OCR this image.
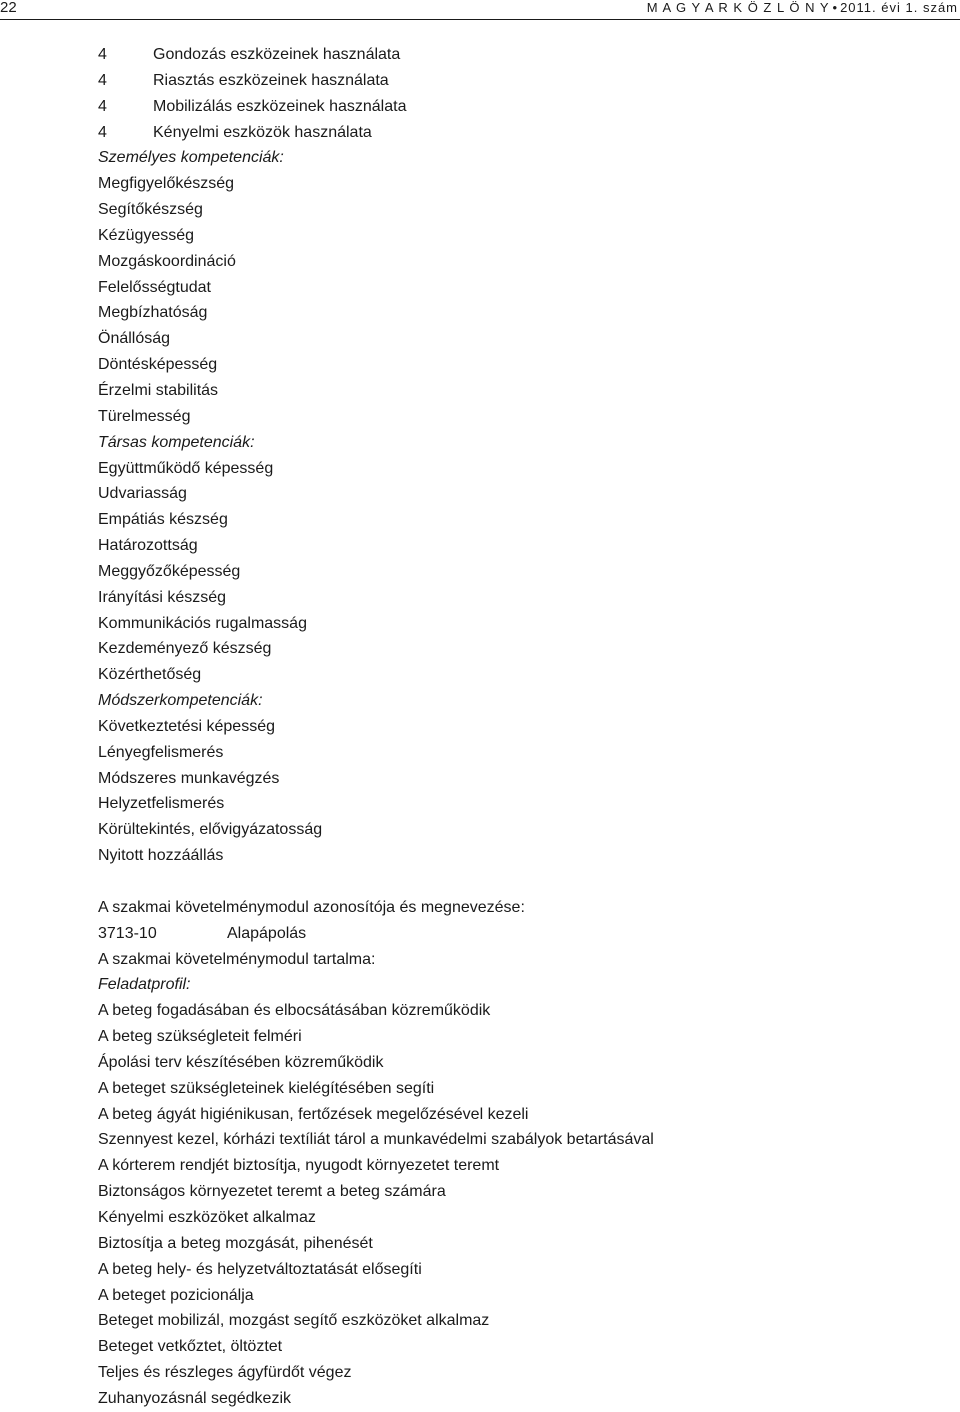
22	M A G Y A R K Ö Z L Ö N Y • 2011. évi 1. szám
4	Gondozás eszközeinek használata
4	Riasztás eszközeinek használata
4	Mobilizálás eszközeinek használata
4	Kényelmi eszközök használata
Személyes kompetenciák:
Megfigyelőkészség
Segítőkészség
Kézügyesség
Mozgáskoordináció
Felelősségtudat
Megbízhatóság
Önállóság
Döntésképesség
Érzelmi stabilitás
Türelmesség
Társas kompetenciák:
Együttműködő képesség
Udvariasság
Empátiás készség
Határozottság
Meggyőzőképesség
Irányítási készség
Kommunikációs rugalmasság
Kezdeményező készség
Közérthetőség
Módszerkompetenciák:
Következtetési képesség
Lényegfelismerés
Módszeres munkavégzés
Helyzetfelismerés
Körültekintés, elővigyázatosság
Nyitott hozzáállás
A szakmai követelménymodul azonosítója és megnevezése:
3713-10	Alapápolás
A szakmai követelménymodul tartalma:
Feladatprofil:
A beteg fogadásában és elbocsátásában közreműködik
A beteg szükségleteit felméri
Ápolási terv készítésében közreműködik
A beteget szükségleteinek kielégítésében segíti
A beteg ágyát higiénikusan, fertőzések megelőzésével kezeli
Szennyest kezel, kórházi textíliát tárol a munkavédelmi szabályok betartásával
A kórterem rendjét biztosítja, nyugodt környezetet teremt
Biztonságos környezetet teremt a beteg számára
Kényelmi eszközöket alkalmaz
Biztosítja a beteg mozgását, pihenését
A beteg hely- és helyzetváltoztatását elősegíti
A beteget pozicionálja
Beteget mobilizál, mozgást segítő eszközöket alkalmaz
Beteget vetkőztet, öltöztet
Teljes és részleges ágyfürdőt végez
Zuhanyozásnál segédkezik
